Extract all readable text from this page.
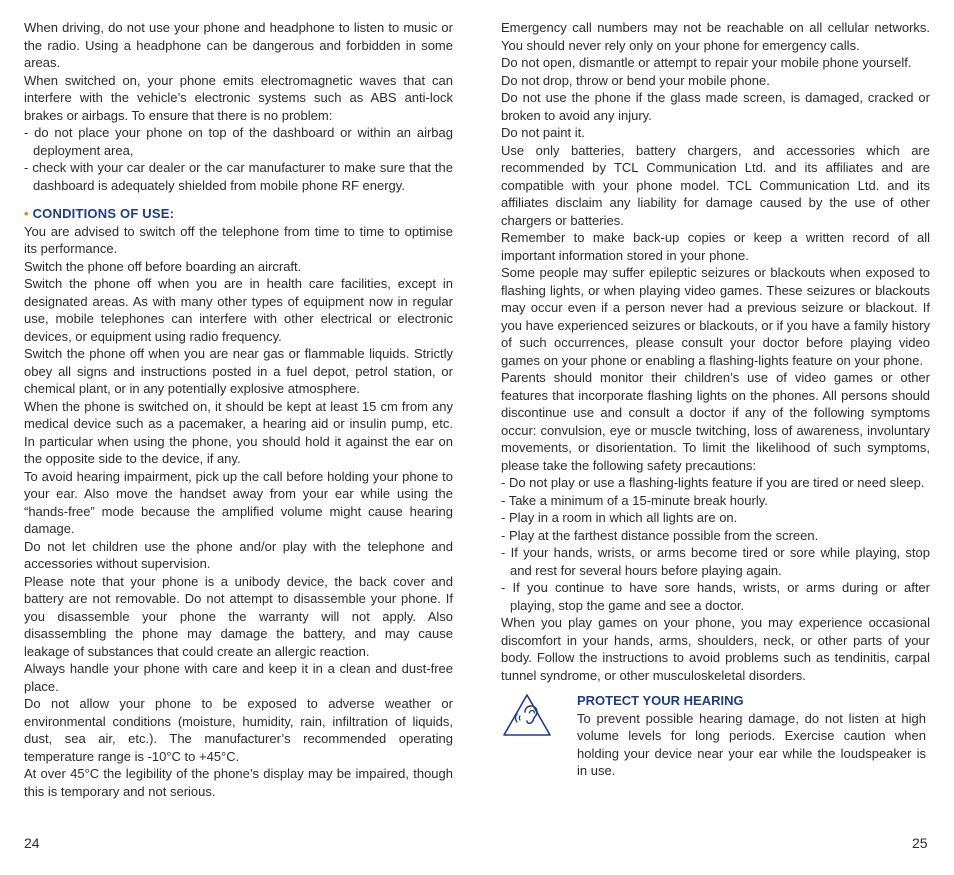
When driving, do not use your phone and headphone to listen to music or the radio. Using a headphone can be dangerous and forbidden in some areas.

When switched on, your phone emits electromagnetic waves that can interfere with the vehicle’s electronic systems such as ABS anti-lock brakes or airbags. To ensure that there is no problem:

- do not place your phone on top of the dashboard or within an airbag deployment area,
- check with your car dealer or the car manufacturer to make sure that the dashboard is adequately shielded from mobile phone RF energy.

• CONDITIONS OF USE:

You are advised to switch off the telephone from time to time to optimise its performance.

Switch the phone off before boarding an aircraft.

Switch the phone off when you are in health care facilities, except in designated areas. As with many other types of equipment now in regular use, mobile telephones can interfere with other electrical or electronic devices, or equipment using radio frequency.

Switch the phone off when you are near gas or flammable liquids. Strictly obey all signs and instructions posted in a fuel depot, petrol station, or chemical plant, or in any potentially explosive atmosphere.

When the phone is switched on, it should be kept at least 15 cm from any medical device such as a pacemaker, a hearing aid or insulin pump, etc. In particular when using the phone, you should hold it against the ear on the opposite side to the device, if any.

To avoid hearing impairment, pick up the call before holding your phone to your ear. Also move the handset away from your ear while using the “hands-free” mode because the amplified volume might cause hearing damage.

Do not let children use the phone and/or play with the telephone and accessories without supervision.

Please note that your phone is a unibody device, the back cover and battery are not removable. Do not attempt to disassemble your phone. If you disassemble your phone the warranty will not apply. Also disassembling the phone may damage the battery, and may cause leakage of substances that could create an allergic reaction.

Always handle your phone with care and keep it in a clean and dust-free place.

Do not allow your phone to be exposed to adverse weather or environmental conditions (moisture, humidity, rain, infiltration of liquids, dust, sea air, etc.). The manufacturer’s recommended operating temperature range is -10°C to +45°C.

At over 45°C the legibility of the phone’s display may be impaired, though this is temporary and not serious.

Emergency call numbers may not be reachable on all cellular networks. You should never rely only on your phone for emergency calls.

Do not open, dismantle or attempt to repair your mobile phone yourself.

Do not drop, throw or bend your mobile phone.

Do not use the phone if the glass made screen, is damaged, cracked or broken to avoid any injury.

Do not paint it.

Use only batteries, battery chargers, and accessories which are recommended by TCL Communication Ltd. and its affiliates and are compatible with your phone model. TCL Communication Ltd. and its affiliates disclaim any liability for damage caused by the use of other chargers or batteries.

Remember to make back-up copies or keep a written record of all important information stored in your phone.

Some people may suffer epileptic seizures or blackouts when exposed to flashing lights, or when playing video games. These seizures or blackouts may occur even if a person never had a previous seizure or blackout. If you have experienced seizures or blackouts, or if you have a family history of such occurrences, please consult your doctor before playing video games on your phone or enabling a flashing-lights feature on your phone.

Parents should monitor their children’s use of video games or other features that incorporate flashing lights on the phones. All persons should discontinue use and consult a doctor if any of the following symptoms occur: convulsion, eye or muscle twitching, loss of awareness, involuntary movements, or disorientation. To limit the likelihood of such symptoms, please take the following safety precautions:

- Do not play or use a flashing-lights feature if you are tired or need sleep.
- Take a minimum of a 15-minute break hourly.
- Play in a room in which all lights are on.
- Play at the farthest distance possible from the screen.
- If your hands, wrists, or arms become tired or sore while playing, stop and rest for several hours before playing again.
- If you continue to have sore hands, wrists, or arms during or after playing, stop the game and see a doctor.

When you play games on your phone, you may experience occasional discomfort in your hands, arms, shoulders, neck, or other parts of your body. Follow the instructions to avoid problems such as tendinitis, carpal tunnel syndrome, or other musculoskeletal disorders.

PROTECT YOUR HEARING

To prevent possible hearing damage, do not listen at high volume levels for long periods. Exercise caution when holding your device near your ear while the loudspeaker is in use.

24	25
